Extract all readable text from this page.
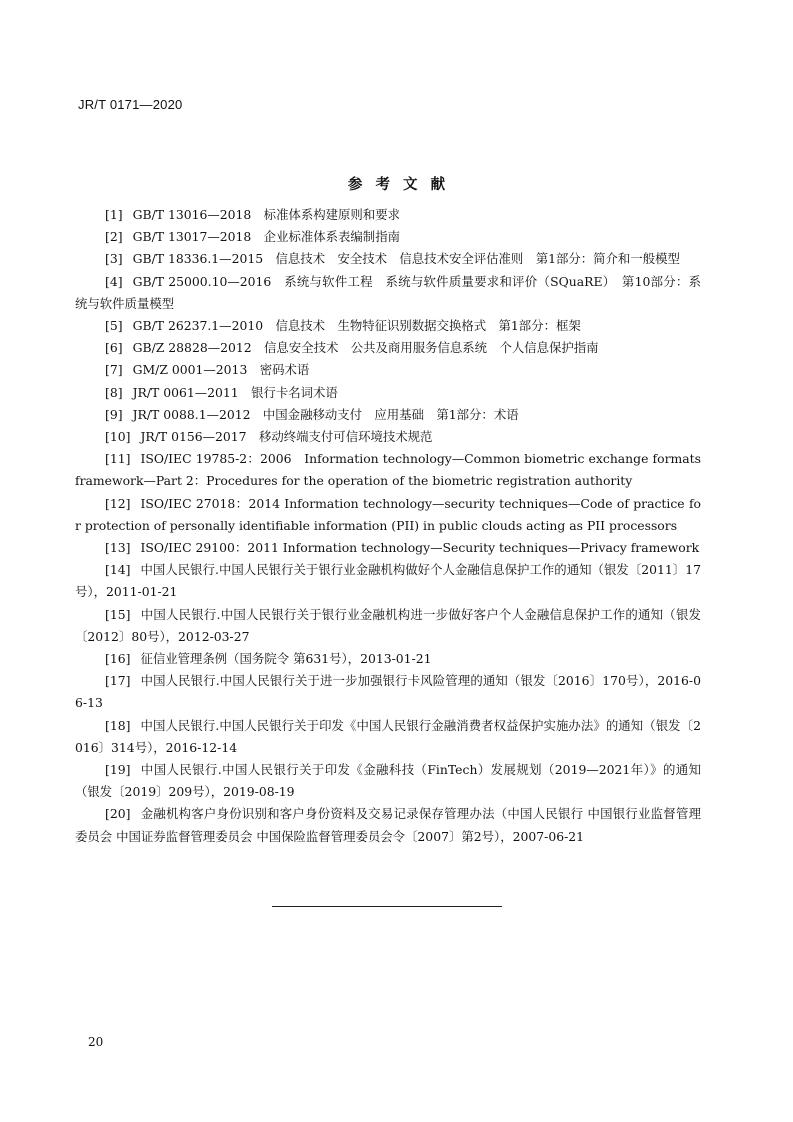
JR/T 0171—2020
参考文献
[1] GB/T 13016—2018　标准体系构建原则和要求
[2] GB/T 13017—2018　企业标准体系表编制指南
[3] GB/T 18336.1—2015　信息技术　安全技术　信息技术安全评估准则　第1部分：简介和一般模型
[4] GB/T 25000.10—2016　系统与软件工程　系统与软件质量要求和评价（SQuaRE）　第10部分：系统与软件质量模型
[5] GB/T 26237.1—2010　信息技术　生物特征识别数据交换格式　第1部分：框架
[6] GB/Z 28828—2012　信息安全技术　公共及商用服务信息系统　个人信息保护指南
[7] GM/Z 0001—2013　密码术语
[8] JR/T 0061—2011　银行卡名词术语
[9] JR/T 0088.1—2012　中国金融移动支付　应用基础　第1部分：术语
[10] JR/T 0156—2017　移动终端支付可信环境技术规范
[11] ISO/IEC 19785-2：2006　Information technology—Common biometric exchange formats framework—Part 2：Procedures for the operation of the biometric registration authority
[12] ISO/IEC 27018：2014 Information technology—security techniques—Code of practice for protection of personally identifiable information (PII) in public clouds acting as PII processors
[13] ISO/IEC 29100：2011 Information technology—Security techniques—Privacy framework
[14] 中国人民银行.中国人民银行关于银行业金融机构做好个人金融信息保护工作的通知（银发〔2011〕17号），2011-01-21
[15] 中国人民银行.中国人民银行关于银行业金融机构进一步做好客户个人金融信息保护工作的通知（银发〔2012〕80号），2012-03-27
[16] 征信业管理条例（国务院令 第631号），2013-01-21
[17] 中国人民银行.中国人民银行关于进一步加强银行卡风险管理的通知（银发〔2016〕170号），2016-06-13
[18] 中国人民银行.中国人民银行关于印发《中国人民银行金融消费者权益保护实施办法》的通知（银发〔2016〕314号），2016-12-14
[19] 中国人民银行.中国人民银行关于印发《金融科技（FinTech）发展规划（2019—2021年）》的通知（银发〔2019〕209号），2019-08-19
[20] 金融机构客户身份识别和客户身份资料及交易记录保存管理办法（中国人民银行 中国银行业监督管理委员会 中国证券监督管理委员会 中国保险监督管理委员会令〔2007〕第2号），2007-06-21
20
